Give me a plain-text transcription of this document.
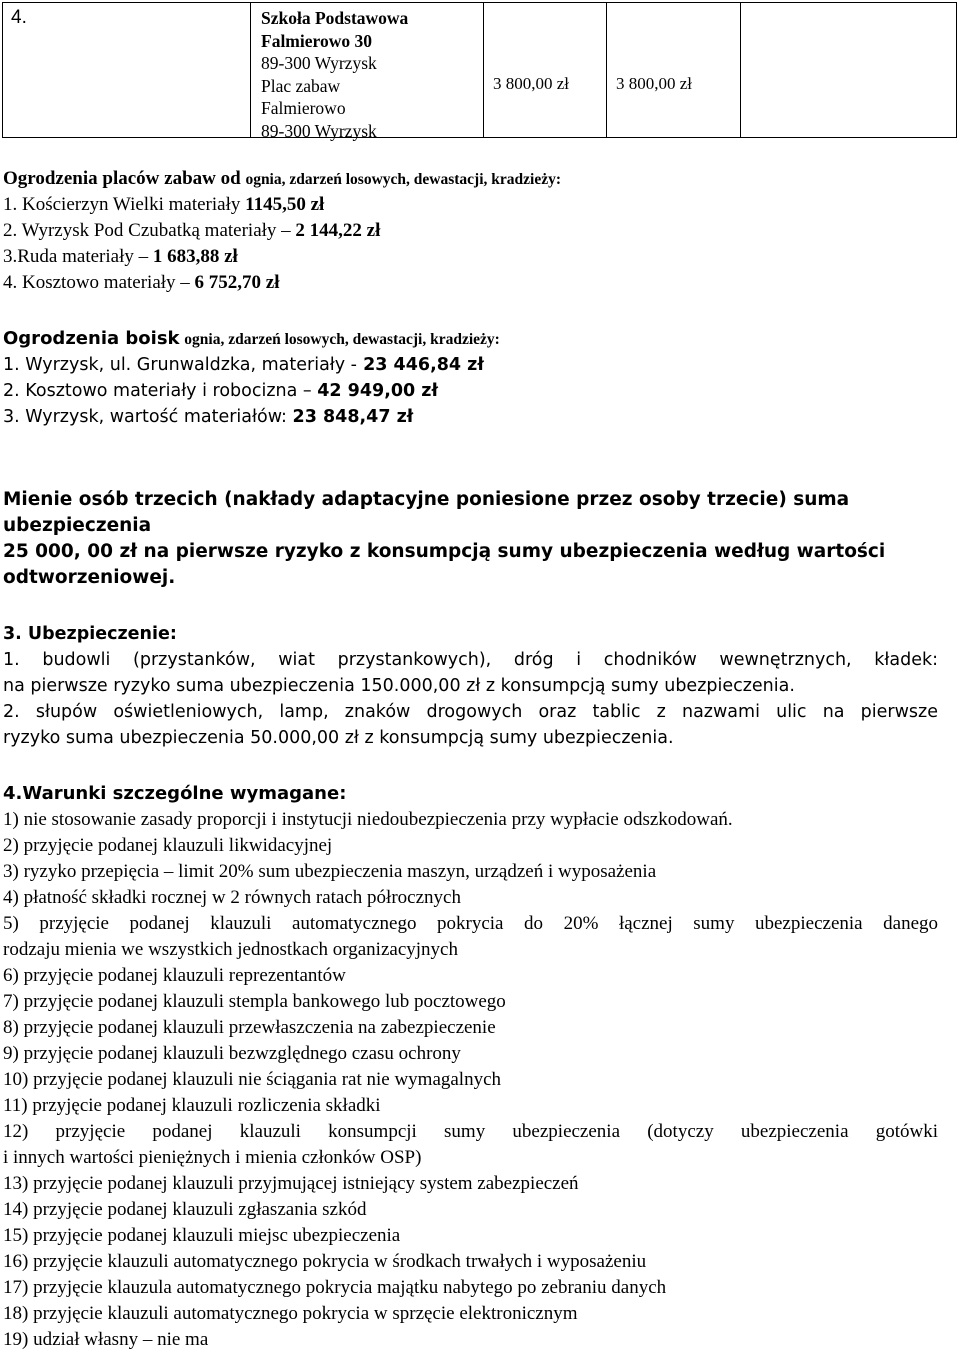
4.	Szkoła Podstawowa
Falmierowo 30
89-300 Wyrzysk
Plac zabaw
Falmierowo
89-300 Wyrzysk
3 800,00 zł	3 800,00 zł
Ogrodzenia placów zabaw od ognia, zdarzeń losowych, dewastacji, kradzieży:
1. Kościerzyn Wielki materiały 1145,50 zł
2. Wyrzysk Pod Czubatką materiały – 2 144,22 zł
3.Ruda materiały – 1 683,88 zł
4. Kosztowo materiały – 6 752,70 zł
Ogrodzenia boisk ognia, zdarzeń losowych, dewastacji, kradzieży:
1. Wyrzysk, ul. Grunwaldzka, materiały - 23 446,84 zł
2. Kosztowo materiały i robocizna – 42 949,00 zł
3. Wyrzysk, wartość materiałów: 23 848,47 zł
Mienie osób trzecich (nakłady adaptacyjne poniesione przez osoby trzecie) suma
ubezpieczenia
25 000, 00 zł na pierwsze ryzyko z konsumpcją sumy ubezpieczenia według wartości
odtworzeniowej.
3. Ubezpieczenie:
1. budowli (przystanków, wiat przystankowych), dróg i chodników wewnętrznych, kładek:
na pierwsze ryzyko suma ubezpieczenia 150.000,00 zł z konsumpcją sumy ubezpieczenia.
2. słupów oświetleniowych, lamp, znaków drogowych oraz tablic z nazwami ulic na pierwsze
ryzyko suma ubezpieczenia 50.000,00 zł z konsumpcją sumy ubezpieczenia.
4.Warunki szczególne wymagane:
1) nie stosowanie zasady proporcji i instytucji niedoubezpieczenia przy wypłacie odszkodowań.
2) przyjęcie podanej klauzuli likwidacyjnej
3) ryzyko przepięcia – limit 20% sum ubezpieczenia maszyn, urządzeń i wyposażenia
4) płatność składki rocznej w 2 równych ratach półrocznych
5) przyjęcie podanej klauzuli automatycznego pokrycia do 20% łącznej sumy ubezpieczenia danego
rodzaju mienia we wszystkich jednostkach organizacyjnych
6) przyjęcie podanej klauzuli reprezentantów
7) przyjęcie podanej klauzuli stempla bankowego lub pocztowego
8) przyjęcie podanej klauzuli przewłaszczenia na zabezpieczenie
9) przyjęcie podanej klauzuli bezwzględnego czasu ochrony
10) przyjęcie podanej klauzuli nie ściągania rat nie wymagalnych
11) przyjęcie podanej klauzuli rozliczenia składki
12) przyjęcie podanej klauzuli konsumpcji sumy ubezpieczenia (dotyczy ubezpieczenia gotówki
i innych wartości pieniężnych i mienia członków OSP)
13) przyjęcie podanej klauzuli przyjmującej istniejący system zabezpieczeń
14) przyjęcie podanej klauzuli zgłaszania szkód
15) przyjęcie podanej klauzuli miejsc ubezpieczenia
16) przyjęcie klauzuli automatycznego pokrycia w środkach trwałych i wyposażeniu
17) przyjęcie klauzula automatycznego pokrycia majątku nabytego po zebraniu danych
18) przyjęcie klauzuli automatycznego pokrycia w sprzęcie elektronicznym
19) udział własny – nie ma
